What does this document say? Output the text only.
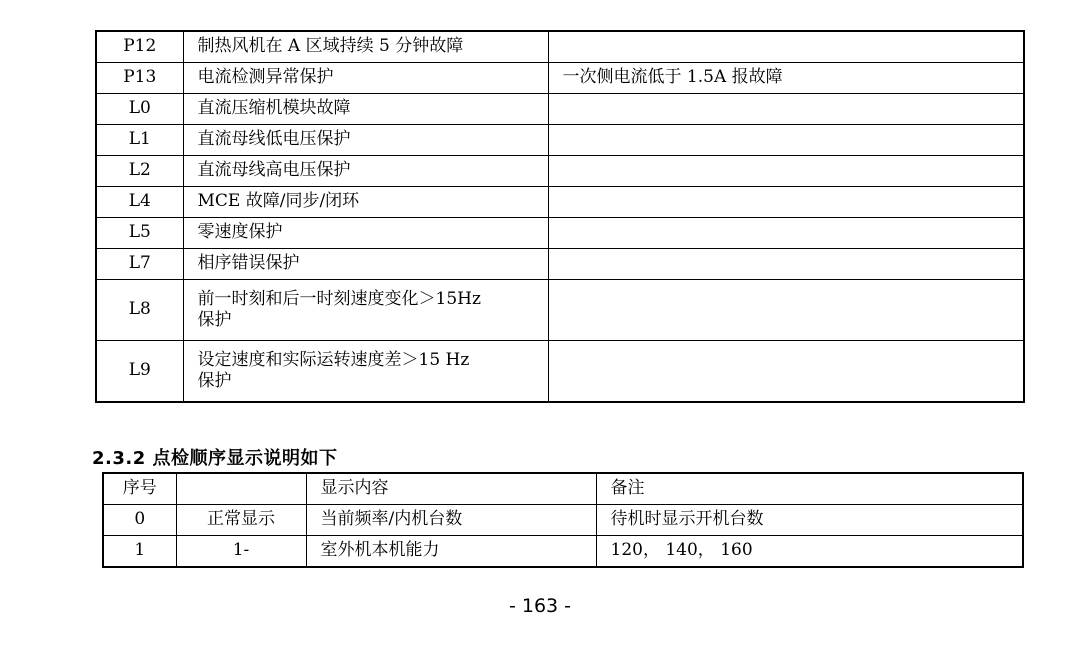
P12	制热风机在 A 区域持续 5 分钟故障	
P13	电流检测异常保护	一次侧电流低于 1.5A 报故障
L0	直流压缩机模块故障	
L1	直流母线低电压保护	
L2	直流母线高电压保护	
L4	MCE 故障/同步/闭环	
L5	零速度保护	
L7	相序错误保护	
L8	前一时刻和后一时刻速度变化＞15Hz
保护	

L9	设定速度和实际运转速度差＞15 Hz
保护	

2.3.2 点检顺序显示说明如下
序号		显示内容	备注
0	正常显示	当前频率/内机台数	待机时显示开机台数
1	1-	室外机本机能力	120， 140， 160
- 163 -
